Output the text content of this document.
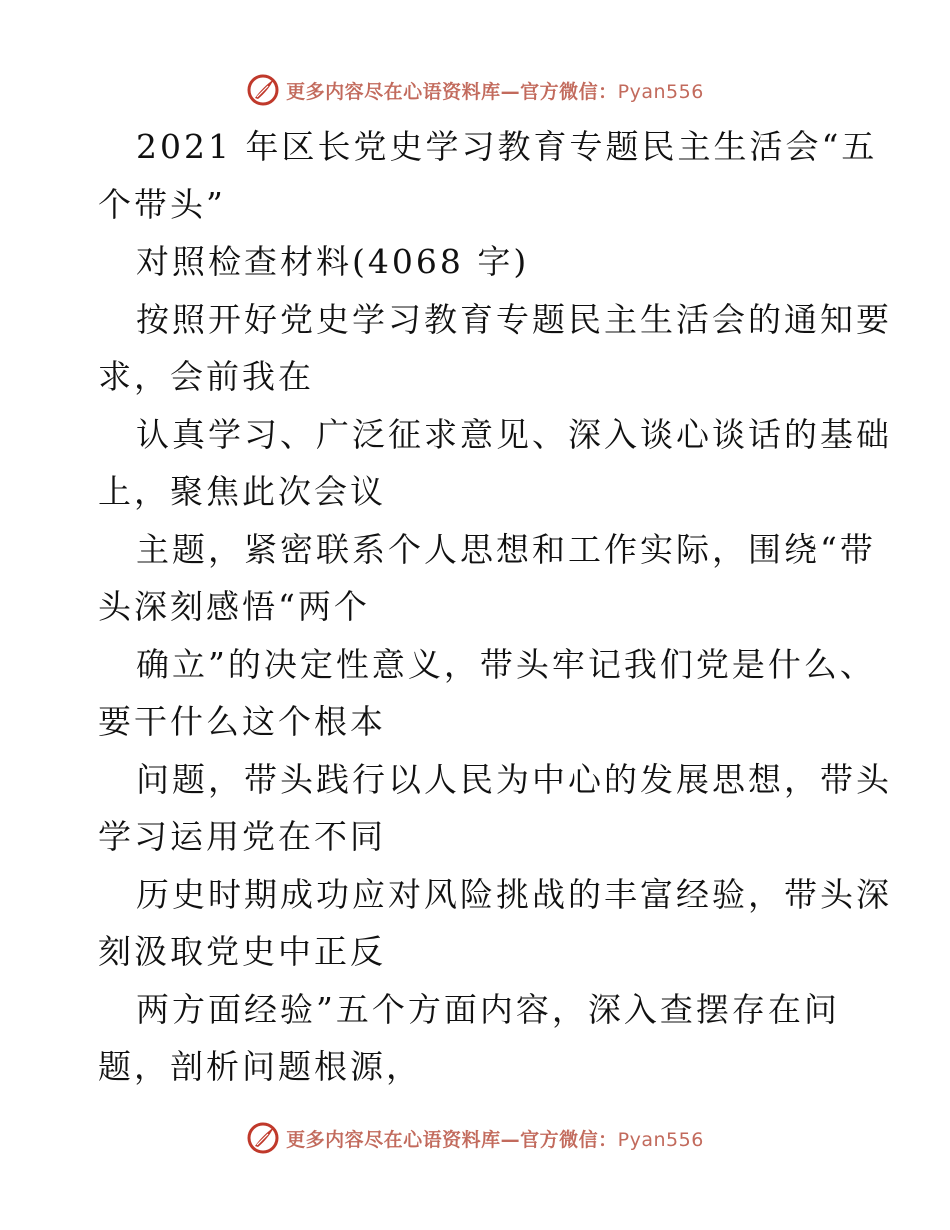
更多内容尽在心语资料库—官方微信：Pyan556
2021 年区长党史学习教育专题民主生活会“五
个带头”
对照检查材料(4068 字)
按照开好党史学习教育专题民主生活会的通知要
求，会前我在
认真学习、广泛征求意见、深入谈心谈话的基础
上，聚焦此次会议
主题，紧密联系个人思想和工作实际，围绕“带
头深刻感悟“两个
确立”的决定性意义，带头牢记我们党是什么、
要干什么这个根本
问题，带头践行以人民为中心的发展思想，带头
学习运用党在不同
历史时期成功应对风险挑战的丰富经验，带头深
刻汲取党史中正反
两方面经验”五个方面内容，深入查摆存在问
题，剖析问题根源，
更多内容尽在心语资料库—官方微信：Pyan556
